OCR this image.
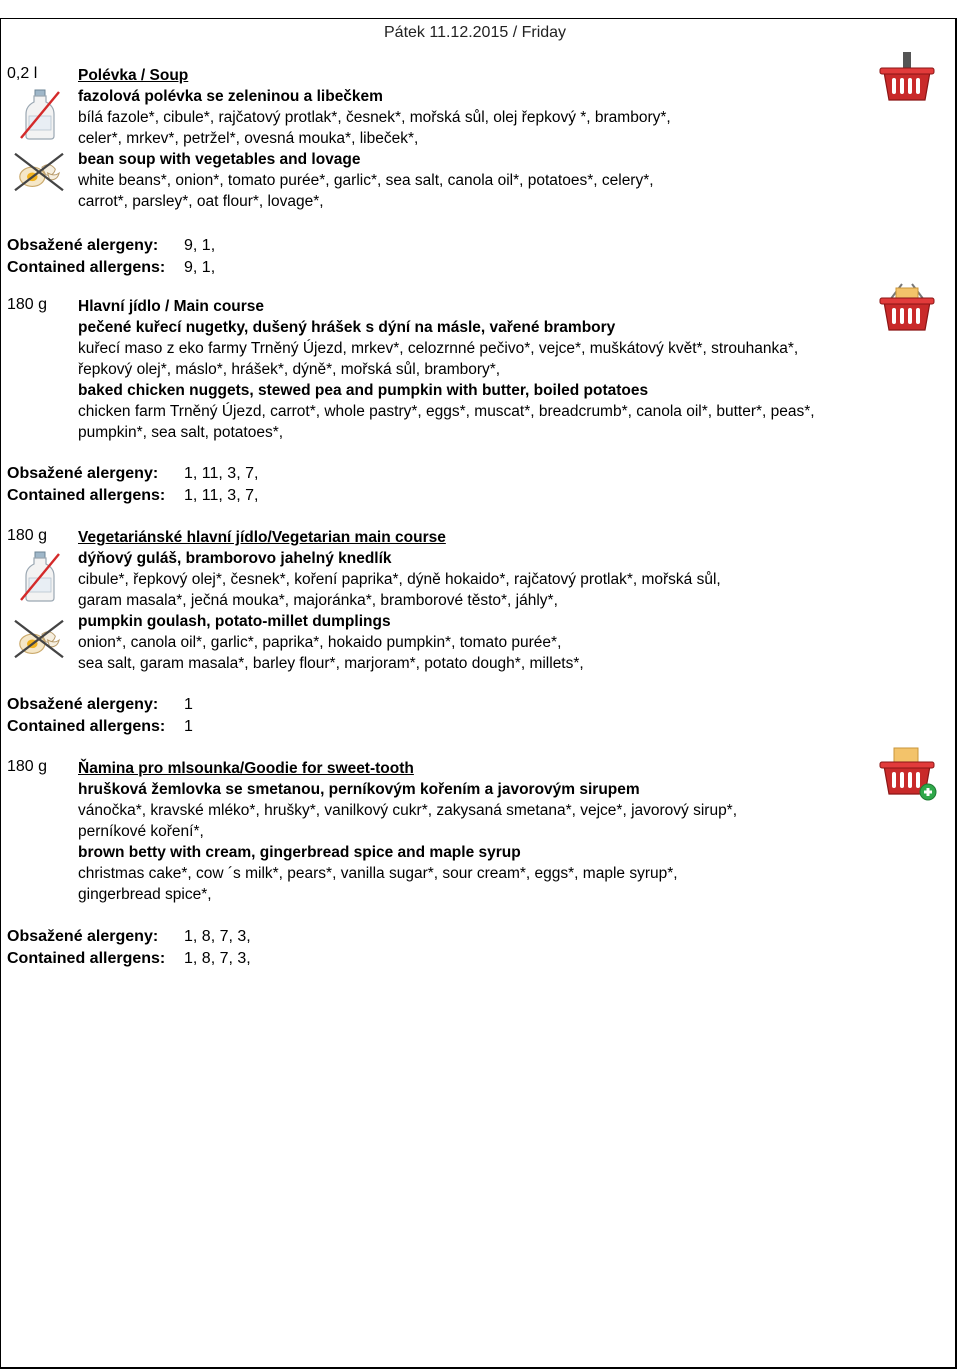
Pátek 11.12.2015 / Friday
0,2 l	Polévka / Soup
fazolová polévka se zeleninou a libečkem
bílá fazole*, cibule*, rajčatový protlak*, česnek*, mořská sůl, olej řepkový *, brambory*,
celer*, mrkev*, petržel*, ovesná mouka*, libeček*,
bean soup with vegetables and lovage
white beans*, onion*, tomato purée*, garlic*, sea salt, canola oil*, potatoes*, celery*,
carrot*, parsley*, oat flour*, lovage*,
Obsažené alergeny: 9, 1,
Contained allergens: 9, 1,
180 g Hlavní jídlo / Main course
pečené kuřecí nugetky, dušený hrášek s dýní na másle, vařené brambory
kuřecí maso z eko farmy Trněný Újezd, mrkev*, celozrnné pečivo*, vejce*, muškátový květ*, strouhanka*,
řepkový olej*, máslo*, hrášek*, dýně*, mořská sůl, brambory*,
baked chicken nuggets, stewed pea and pumpkin with butter, boiled potatoes
chicken farm Trněný Újezd, carrot*, whole pastry*, eggs*, muscat*, breadcrumb*, canola oil*, butter*, peas*,
pumpkin*, sea salt, potatoes*,
Obsažené alergeny: 1, 11, 3, 7,
Contained allergens: 1, 11, 3, 7,
180 g Vegetariánské hlavní jídlo/Vegetarian main course
dýňový guláš, bramborovo jahelný knedlík
cibule*, řepkový olej*, česnek*, koření paprika*, dýně hokaido*, rajčatový protlak*, mořská sůl,
garam masala*, ječná mouka*, majoránka*, bramborové těsto*, jáhly*,
pumpkin goulash, potato-millet dumplings
onion*, canola oil*, garlic*, paprika*, hokaido pumpkin*, tomato purée*,
sea salt, garam masala*, barley flour*, marjoram*, potato dough*, millets*,
Obsažené alergeny: 1
Contained allergens: 1
180 g Ňamina pro mlsounka/Goodie for sweet-tooth
hrušková žemlovka se smetanou, perníkovým kořením a javorovým sirupem
vánočka*, kravské mléko*, hrušky*, vanilkový cukr*, zakysaná smetana*, vejce*, javorový sirup*,
perníkové koření*,
brown betty with cream, gingerbread spice and maple syrup
christmas cake*, cow ´s milk*, pears*, vanilla sugar*, sour cream*, eggs*, maple syrup*,
gingerbread spice*,
Obsažené alergeny: 1, 8, 7, 3,
Contained allergens: 1, 8, 7, 3,
